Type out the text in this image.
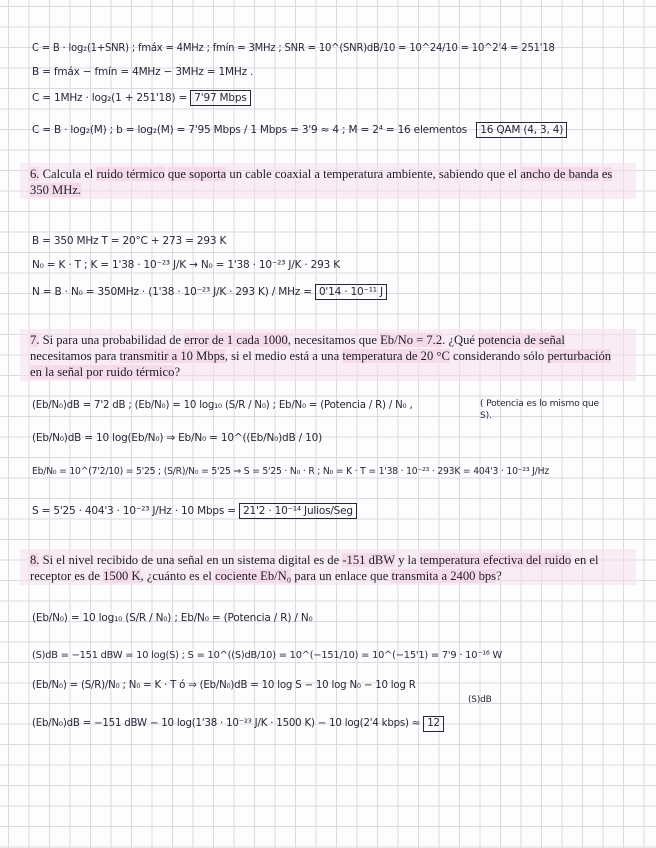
C = B · log₂(1+SNR) ; fmáx = 4MHz ; fmín = 3MHz ; SNR = 10^(SNR)dB/10 = 10^24/10 = 10^2'4 = 251'18
B = fmáx − fmín = 4MHz − 3MHz = 1MHz .
C = 1MHz · log₂(1 + 251'18) = 7'97 Mbps
C = B · log₂(M) ; b = log₂(M) = 7'95 Mbps / 1 Mbps = 3'9 ≈ 4 ; M = 2⁴ = 16 elementos 16 QAM (4, 3, 4)
6. Calcula el ruido térmico que soporta un cable coaxial a temperatura ambiente, sabiendo que el ancho de banda es 350 MHz.
B = 350 MHz T = 20°C + 273 = 293 K
N₀ = K · T ; K = 1'38 · 10⁻²³ J/K → N₀ = 1'38 · 10⁻²³ J/K · 293 K
N = B · N₀ = 350MHz · (1'38 · 10⁻²³ J/K · 293 K) / MHz = 0'14 · 10⁻¹¹ J
7. Si para una probabilidad de error de 1 cada 1000, necesitamos que Eb/No = 7.2. ¿Qué potencia de señal necesitamos para transmitir a 10 Mbps, si el medio está a una temperatura de 20 °C considerando sólo perturbación en la señal por ruido térmico?
(Eb/N₀)dB = 7'2 dB ; (Eb/N₀) = 10 log₁₀ (S/R / N₀) ; Eb/N₀ = (Potencia / R) / N₀ ,	( Potencia es lo mismo que S).
(Eb/N₀)dB = 10 log(Eb/N₀) ⇒ Eb/N₀ = 10^((Eb/N₀)dB / 10)
Eb/N₀ = 10^(7'2/10) = 5'25 ; (S/R)/N₀ = 5'25 ⇒ S = 5'25 · N₀ · R ; N₀ = K · T = 1'38 · 10⁻²³ · 293K = 404'3 · 10⁻²³ J/Hz
S = 5'25 · 404'3 · 10⁻²³ J/Hz · 10 Mbps = 21'2 · 10⁻¹⁴ Julios/Seg
8. Si el nivel recibido de una señal en un sistema digital es de -151 dBW y la temperatura efectiva del ruido en el receptor es de 1500 K, ¿cuánto es el cociente Eb/N₀ para un enlace que transmita a 2400 bps?
(Eb/N₀) = 10 log₁₀ (S/R / N₀) ; Eb/N₀ = (Potencia / R) / N₀
(S)dB = −151 dBW = 10 log(S) ; S = 10^((S)dB/10) = 10^(−151/10) = 10^(−15'1) = 7'9 · 10⁻¹⁶ W
(Eb/N₀) = (S/R)/N₀ ; N₀ = K · T ó ⇒ (Eb/N₀)dB = 10 log S − 10 log N₀ − 10 log R
(S)dB
(Eb/N₀)dB = −151 dBW − 10 log(1'38 · 10⁻²³ J/K · 1500 K) − 10 log(2'4 kbps) ≈ 12
